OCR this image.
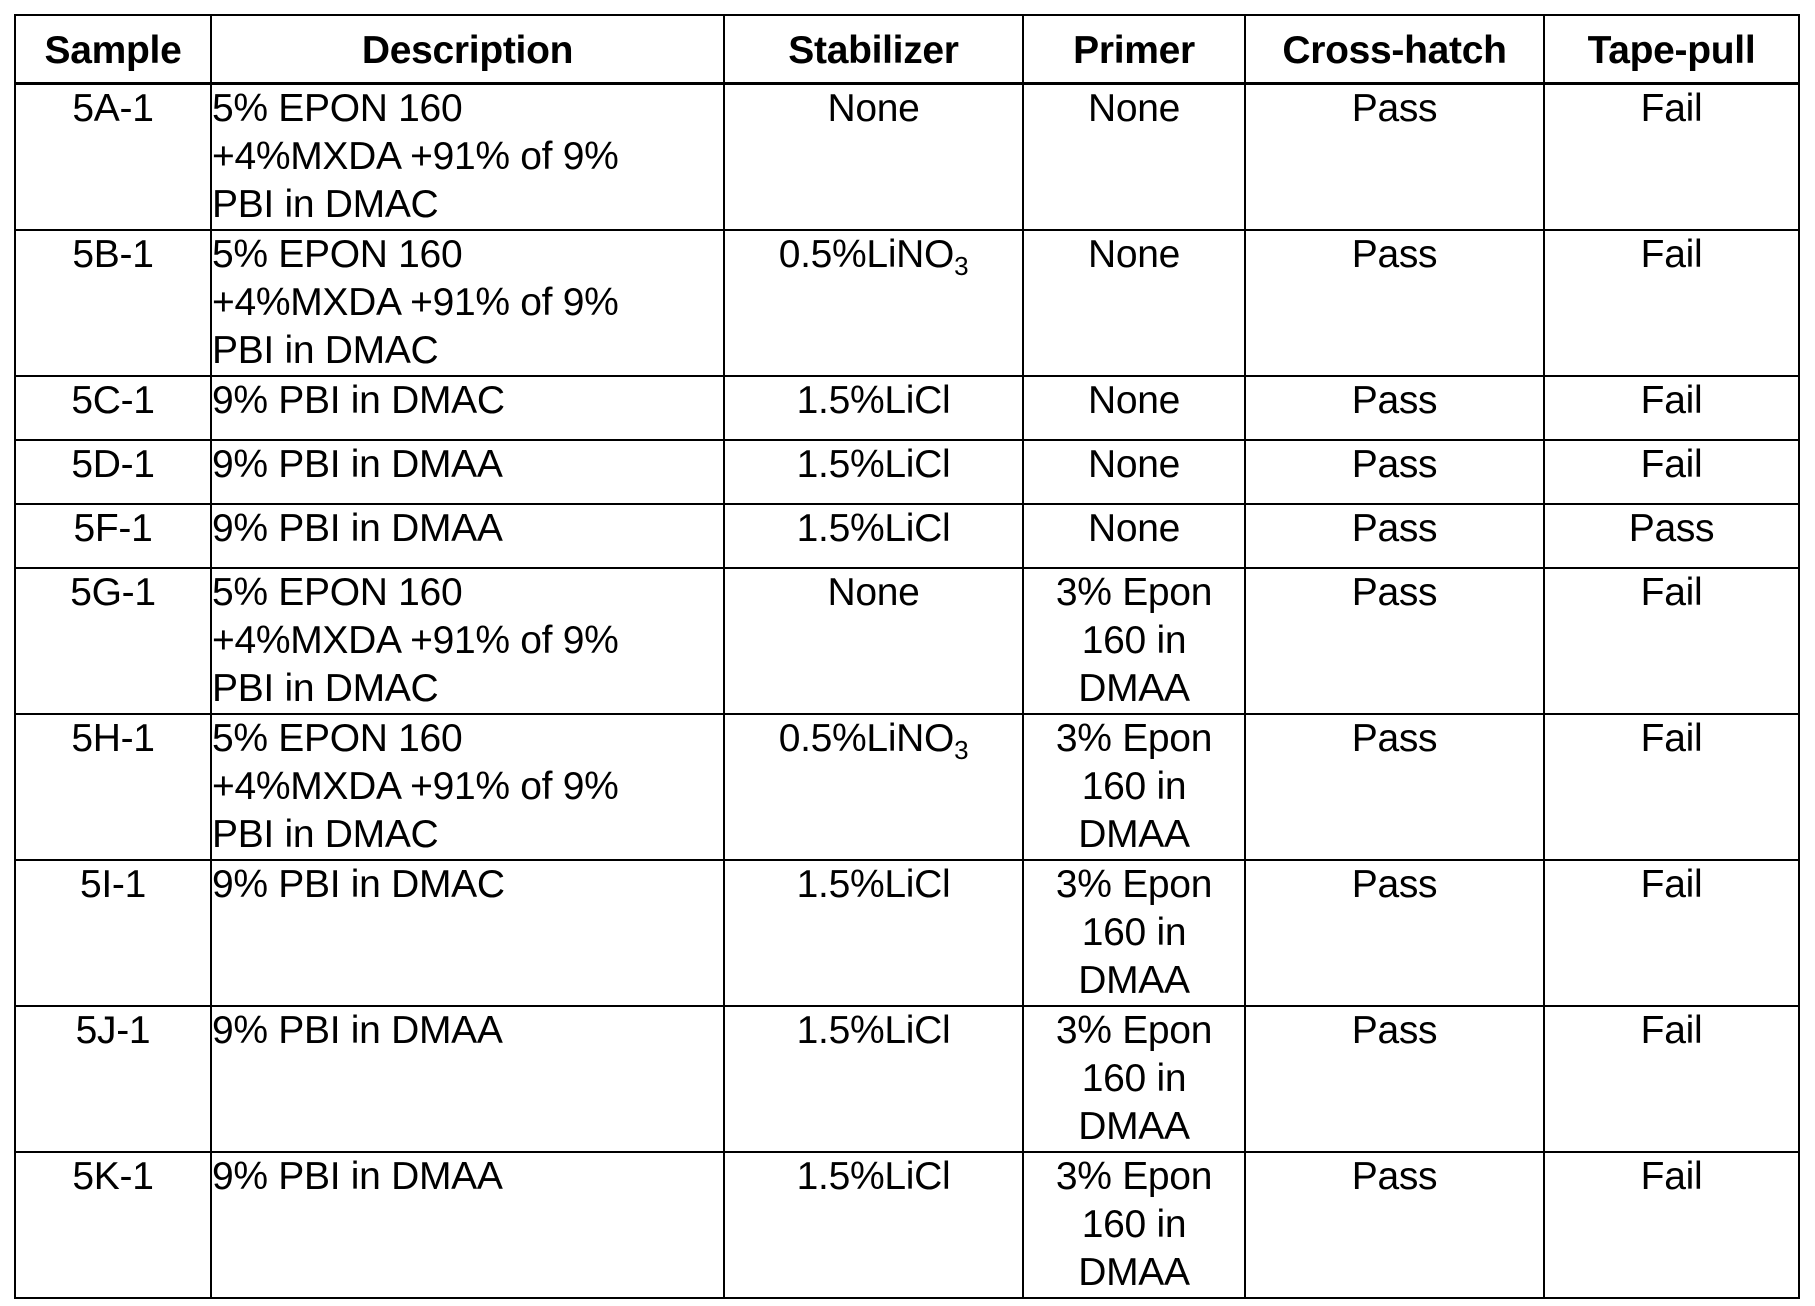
Sample	Description	Stabilizer	Primer	Cross-hatch	Tape-pull
5A-1	5% EPON 160
+4%MXDA +91% of 9%
PBI in DMAC	None	None	Pass	Fail
5B-1	5% EPON 160
+4%MXDA +91% of 9%
PBI in DMAC	0.5%LiNO$_3$	None	Pass	Fail
5C-1	9% PBI in DMAC	1.5%LiCl	None	Pass	Fail
5D-1	9% PBI in DMAA	1.5%LiCl	None	Pass	Fail
5F-1	9% PBI in DMAA	1.5%LiCl	None	Pass	Pass
5G-1	5% EPON 160
+4%MXDA +91% of 9%
PBI in DMAC
	None	3% Epon
160 in
DMAA
	Pass	Fail
5H-1	5% EPON 160
+4%MXDA +91% of 9%
PBI in DMAC
	0.5%LiNO$_3$	3% Epon
160 in
DMAA
	Pass	Fail
5I-1	9% PBI in DMAC	1.5%LiCl	3% Epon
160 in
DMAA	Pass	Fail
5J-1	9% PBI in DMAA	1.5%LiCl	3% Epon
160 in
DMAA	Pass	Fail
5K-1	9% PBI in DMAA	1.5%LiCl	3% Epon
160 in
DMAA	Pass	Fail
